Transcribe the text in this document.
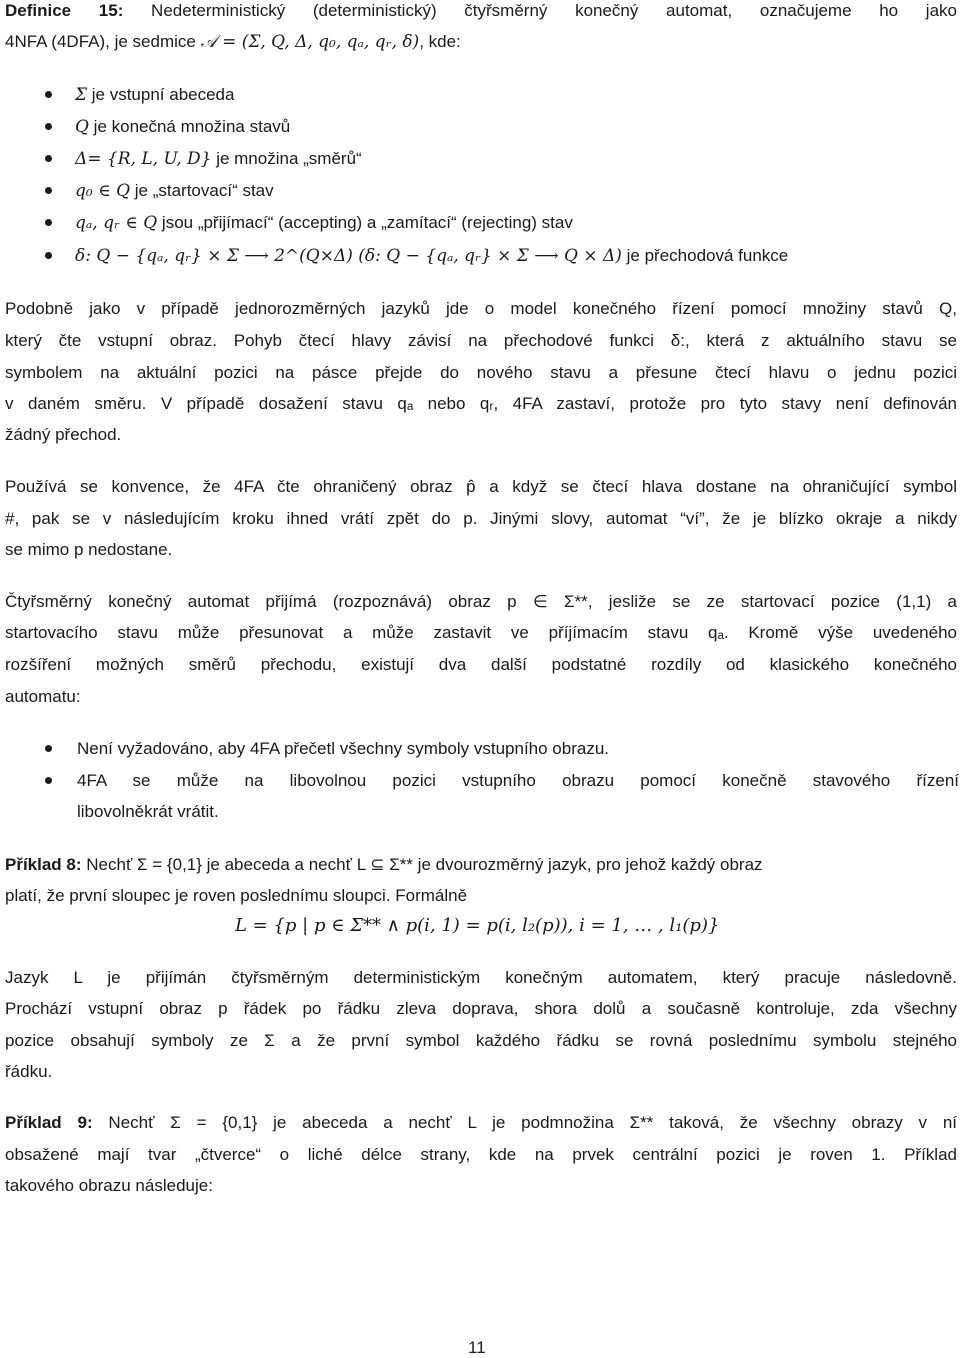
Definice 15: Nedeterministický (deterministický) čtyřsměrný konečný automat, označujeme ho jako
4NFA (4DFA), je sedmice 𝒜 = (Σ, Q, Δ, q₀, qₐ, qᵣ, δ), kde:
Σ je vstupní abeceda
Q je konečná množina stavů
Δ= {R, L, U, D} je množina „směrů“
q₀ ∈ Q je „startovací“ stav
qₐ, qᵣ ∈ Q jsou „přijímací“ (accepting) a „zamítací“ (rejecting) stav
δ: Q − {qₐ, qᵣ} × Σ ⟶ 2^(Q×Δ) (δ: Q − {qₐ, qᵣ} × Σ ⟶ Q × Δ) je přechodová funkce
Podobně jako v případě jednorozměrných jazyků jde o model konečného řízení pomocí množiny stavů Q,
který čte vstupní obraz. Pohyb čtecí hlavy závisí na přechodové funkci δ:, která z aktuálního stavu se
symbolem na aktuální pozici na pásce přejde do nového stavu a přesune čtecí hlavu o jednu pozici
v daném směru. V případě dosažení stavu qₐ nebo qᵣ, 4FA zastaví, protože pro tyto stavy není definován
žádný přechod.
Používá se konvence, že 4FA čte ohraničený obraz p̂ a když se čtecí hlava dostane na ohraničující symbol
#, pak se v následujícím kroku ihned vrátí zpět do p. Jinými slovy, automat “ví”, že je blízko okraje a nikdy
se mimo p nedostane.
Čtyřsměrný konečný automat přijímá (rozpoznává) obraz p ∈ Σ**, jesliže se ze startovací pozice (1,1) a
startovacího stavu může přesunovat a může zastavit ve příjímacím stavu qₐ. Kromě výše uvedeného
rozšíření možných směrů přechodu, existují dva další podstatné rozdíly od klasického konečného
automatu:
Není vyžadováno, aby 4FA přečetl všechny symboly vstupního obrazu.
4FA se může na libovolnou pozici vstupního obrazu pomocí konečně stavového řízení
libovolněkrát vrátit.
Příklad 8: Nechť Σ = {0,1} je abeceda a nechť L ⊆ Σ** je dvourozměrný jazyk, pro jehož každý obraz
platí, že první sloupec je roven poslednímu sloupci. Formálně
L = {p | p ∈ Σ** ∧ p(i, 1) = p(i, l₂(p)), i = 1, … , l₁(p)}
Jazyk L je přijímán čtyřsměrným deterministickým konečným automatem, který pracuje následovně.
Prochází vstupní obraz p řádek po řádku zleva doprava, shora dolů a současně kontroluje, zda všechny
pozice obsahují symboly ze Σ a že první symbol každého řádku se rovná poslednímu symbolu stejného
řádku.
Příklad 9: Nechť Σ = {0,1} je abeceda a nechť L je podmnožina Σ** taková, že všechny obrazy v ní
obsažené mají tvar „čtverce“ o liché délce strany, kde na prvek centrální pozici je roven 1. Příklad
takového obrazu následuje:
11
